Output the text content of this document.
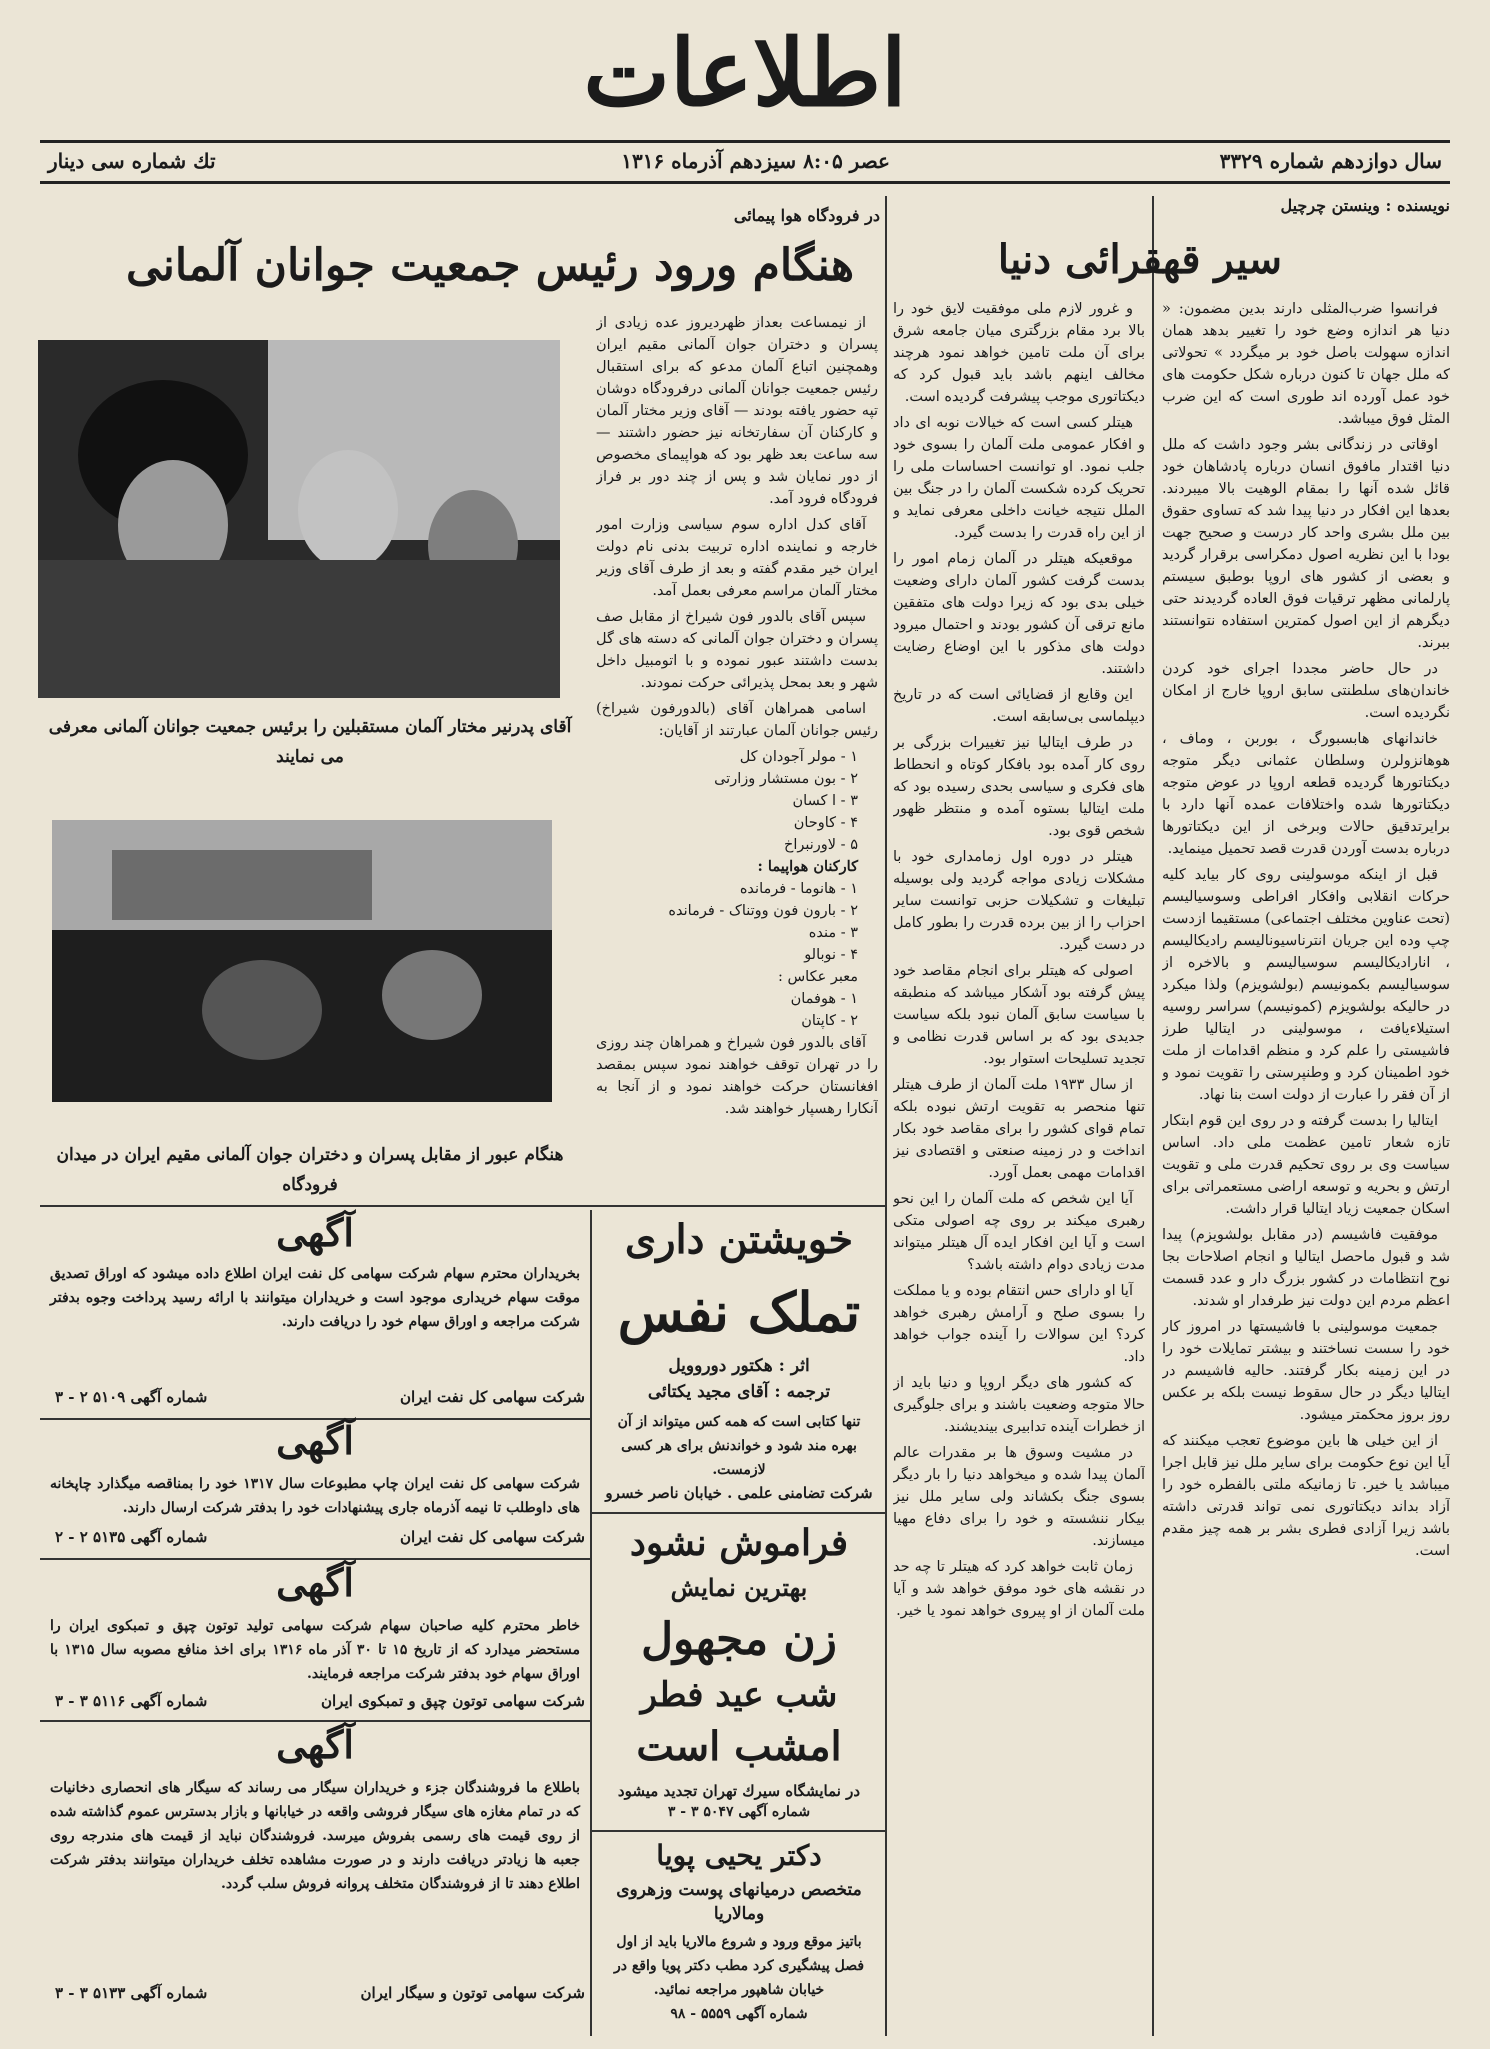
اطلاعات
سال دوازدهم شماره ۳۳۲۹
عصر ۸:۰۵ سیزدهم آذرماه ۱۳۱۶
تك شماره سی دینار
نویسنده : وینستن چرچیل
سیر قهقرائی دنیا

فرانسوا ضرب‌المثلی دارند بدین مضمون: « دنیا هر اندازه وضع خود را تغییر بدهد همان اندازه سهولت باصل خود بر میگردد » تحولاتی که ملل جهان تا کنون درباره شکل حکومت های خود عمل آورده اند طوری است که این ضرب المثل فوق میباشد.

اوقاتی در زندگانی بشر وجود داشت که ملل دنیا اقتدار مافوق انسان درباره پادشاهان خود قائل شده آنها را بمقام الوهیت بالا میبردند. بعدها این افکار در دنیا پیدا شد که تساوی حقوق بین ملل بشری واحد کار درست و صحیح جهت بودا با این نظریه اصول دمکراسی برقرار گردید و بعضی از کشور های اروپا بوطبق سیستم پارلمانی مظهر ترقیات فوق العاده گردیدند حتی دیگرهم از این اصول کمترین استفاده نتوانستند ببرند.

در حال حاضر مجددا اجرای خود کردن خاندان‌های سلطنتی سابق اروپا خارج از امکان نگردیده است.

خاندانهای هابسبورگ ، بوربن ، وماف ، هوهانزولرن وسلطان عثمانی دیگر متوجه دیکتاتورها گردیده قطعه اروپا در عوض متوجه دیکتاتورها شده واختلافات عمده آنها دارد با برایرتدقیق حالات وبرخی از این دیکتاتورها درباره بدست آوردن قدرت قصد تحمیل مینماید.

قبل از اینکه موسولینی روی کار بیاید کلیه حرکات انقلابی وافکار افراطی وسوسیالیسم (تحت عناوین مختلف اجتماعی) مستقیما ازدست چپ وده این جریان انترناسیونالیسم رادیکالیسم ، انارادیکالیسم سوسیالیسم و بالاخره از سوسیالیسم بکمونیسم (بولشویزم) ولذا میکرد در حالیکه بولشویزم (کمونیسم) سراسر روسیه استیلاءیافت ، موسولینی در ایتالیا طرز فاشیستی را علم کرد و منظم اقدامات از ملت خود اطمینان کرد و وطنپرستی را تقویت نمود و از آن فقر را عبارت از دولت است بنا نهاد.

ایتالیا را بدست گرفته و در روی این قوم ابتکار تازه شعار تامین عظمت ملی داد. اساس سیاست وی بر روی تحکیم قدرت ملی و تقویت ارتش و بحریه و توسعه اراضی مستعمراتی برای اسکان جمعیت زیاد ایتالیا قرار داشت.

موفقیت فاشیسم (در مقابل بولشویزم) پیدا شد و قبول ماحصل ایتالیا و انجام اصلاحات بجا نوح انتظامات در کشور بزرگ دار و عدد قسمت اعظم مردم این دولت نیز طرفدار او شدند.

جمعیت موسولینی با فاشیستها در امروز کار خود را سست نساختند و بیشتر تمایلات خود را در این زمینه بکار گرفتند. حالیه فاشیسم در ایتالیا دیگر در حال سقوط نیست بلکه بر عکس روز بروز محکمتر میشود.

از این خیلی ها باین موضوع تعجب میکنند که آیا این نوع حکومت برای سایر ملل نیز قابل اجرا میباشد یا خیر. تا زمانیکه ملتی بالفطره خود را آزاد بداند دیکتاتوری نمی تواند قدرتی داشته باشد زیرا آزادی فطری بشر بر همه چیز مقدم است.

و غرور لازم ملی موفقیت لایق خود را بالا برد مقام بزرگتری میان جامعه شرق برای آن ملت تامین خواهد نمود هرچند مخالف اینهم باشد باید قبول کرد که دیکتاتوری موجب پیشرفت گردیده است.

هیتلر کسی است که خیالات نوبه ای داد و افکار عمومی ملت آلمان را بسوی خود جلب نمود. او توانست احساسات ملی را تحریک کرده شکست آلمان را در جنگ بین الملل نتیجه خیانت داخلی معرفی نماید و از این راه قدرت را بدست گیرد.

موقعیکه هیتلر در آلمان زمام امور را بدست گرفت کشور آلمان دارای وضعیت خیلی بدی بود که زیرا دولت های متفقین مانع ترقی آن کشور بودند و احتمال میرود دولت های مذکور با این اوضاع رضایت داشتند.

این وقایع از قضایائی است که در تاریخ دیپلماسی بی‌سابقه است.

در طرف ایتالیا نیز تغییرات بزرگی بر روی کار آمده بود بافکار کوتاه و انحطاط های فکری و سیاسی بحدی رسیده بود که ملت ایتالیا بستوه آمده و منتظر ظهور شخص قوی بود.

هیتلر در دوره اول زمامداری خود با مشکلات زیادی مواجه گردید ولی بوسیله تبلیغات و تشکیلات حزبی توانست سایر احزاب را از بین برده قدرت را بطور کامل در دست گیرد.

اصولی که هیتلر برای انجام مقاصد خود پیش گرفته بود آشکار میباشد که منطبقه با سیاست سابق آلمان نبود بلکه سیاست جدیدی بود که بر اساس قدرت نظامی و تجدید تسلیحات استوار بود.

از سال ۱۹۳۳ ملت آلمان از طرف هیتلر تنها منحصر به تقویت ارتش نبوده بلکه تمام قوای کشور را برای مقاصد خود بکار انداخت و در زمینه صنعتی و اقتصادی نیز اقدامات مهمی بعمل آورد.

آیا این شخص که ملت آلمان را این نحو رهبری میکند بر روی چه اصولی متکی است و آیا این افکار ایده آل هیتلر میتواند مدت زیادی دوام داشته باشد؟

آیا او دارای حس انتقام بوده و یا مملکت را بسوی صلح و آرامش رهبری خواهد کرد؟ این سوالات را آینده جواب خواهد داد.

که کشور های دیگر اروپا و دنیا باید از حالا متوجه وضعیت باشند و برای جلوگیری از خطرات آینده تدابیری بیندیشند.

در مشیت وسوق ها بر مقدرات عالم آلمان پیدا شده و میخواهد دنیا را بار دیگر بسوی جنگ بکشاند ولی سایر ملل نیز بیکار ننشسته و خود را برای دفاع مهیا میسازند.

زمان ثابت خواهد کرد که هیتلر تا چه حد در نقشه های خود موفق خواهد شد و آیا ملت آلمان از او پیروی خواهد نمود یا خیر.

در فرودگاه هوا پیمائی
هنگام ورود رئیس جمعیت جوانان آلمانی

از نیمساعت بعداز ظهردیروز عده زیادی از پسران و دختران جوان آلمانی مقیم ایران وهمچنین اتباع آلمان مدعو که برای استقبال رئیس جمعیت جوانان آلمانی درفرودگاه دوشان تپه حضور یافته بودند — آقای وزیر مختار آلمان و کارکنان آن سفارتخانه نیز حضور داشتند — سه ساعت بعد ظهر بود که هواپیمای مخصوص از دور نمایان شد و پس از چند دور بر فراز فرودگاه فرود آمد.

آقای کدل اداره سوم سیاسی وزارت امور خارجه و نماینده اداره تربیت بدنی نام دولت ایران خیر مقدم گفته و بعد از طرف آقای وزیر مختار آلمان مراسم معرفی بعمل آمد.

سپس آقای بالدور فون شیراخ از مقابل صف پسران و دختران جوان آلمانی که دسته های گل بدست داشتند عبور نموده و با اتومبیل داخل شهر و بعد بمحل پذیرائی حرکت نمودند.

اسامی همراهان آقای (بالدورفون شیراخ) رئیس جوانان آلمان عبارتند از آقایان:

۱ - مولر آجودان کل
۲ - بون مستشار وزارتی
۳ - ا کسان
۴ - کاوحان
۵ - لاورنبراخ
کارکنان هواپیما :
۱ - هانوما - فرمانده
۲ - بارون فون ووتناک - فرمانده
۳ - منده
۴ - نوبالو
معبر عکاس :
۱ - هوفمان
۲ - کاپتان

آقای بالدور فون شیراخ و همراهان چند روزی را در تهران توقف خواهند نمود سپس بمقصد افغانستان حرکت خواهند نمود و از آنجا به آنکارا رهسپار خواهند شد.

آقای پدرنیر مختار آلمان مستقبلین را برئیس جمعیت جوانان آلمانی معرفی می نمایند
هنگام عبور از مقابل پسران و دختران جوان آلمانی مقیم ایران در میدان فرودگاه
آگهی
بخریداران محترم سهام شرکت سهامی کل نفت ایران اطلاع داده میشود که اوراق تصدیق موقت سهام خریداری موجود است و خریداران میتوانند با ارائه رسید پرداخت وجوه بدفتر شرکت مراجعه و اوراق سهام خود را دریافت دارند.
شرکت سهامی کل نفت ایران
شماره آگهی ۵۱۰۹ ۲ - ۳
آگهی
شرکت سهامی کل نفت ایران چاپ مطبوعات سال ۱۳۱۷ خود را بمناقصه میگذارد چاپخانه های داوطلب تا نیمه آذرماه جاری پیشنهادات خود را بدفتر شرکت ارسال دارند.
شرکت سهامی کل نفت ایران
شماره آگهی ۵۱۳۵ ۲ - ۲
آگهی
خاطر محترم کلیه صاحبان سهام شرکت سهامی تولید توتون چپق و تمبکوی ایران را مستحضر میدارد که از تاریخ ۱۵ تا ۳۰ آذر ماه ۱۳۱۶ برای اخذ منافع مصوبه سال ۱۳۱۵ با اوراق سهام خود بدفتر شرکت مراجعه فرمایند.
شرکت سهامی توتون چپق و تمبکوی ایران
شماره آگهی ۵۱۱۶ ۳ - ۳
آگهی
باطلاع ما فروشندگان جزء و خریداران سیگار می رساند که سیگار های انحصاری دخانیات که در تمام مغازه های سیگار فروشی واقعه در خیابانها و بازار بدسترس عموم گذاشته شده از روی قیمت های رسمی بفروش میرسد. فروشندگان نباید از قیمت های مندرجه روی جعبه ها زیادتر دریافت دارند و در صورت مشاهده تخلف خریداران میتوانند بدفتر شرکت اطلاع دهند تا از فروشندگان متخلف پروانه فروش سلب گردد.
شرکت سهامی توتون و سیگار ایران
شماره آگهی ۵۱۳۳ ۳ - ۳
خویشتن داری
تملک نفس
اثر : هکتور دوروویل
ترجمه : آقای مجید یکتائی
تنها کتابی است که همه کس میتواند از آن بهره مند شود و خواندنش برای هر کسی لازمست.
شرکت تضامنی علمی . خیابان ناصر خسرو
فراموش نشود
بهترین نمایش
زن مجهول
شب عید فطر
امشب است
در نمایشگاه سیرك تهران تجدید میشود
شماره آگهی ۵۰۴۷ ۳ - ۳
دکتر یحیی پویا
متخصص درمیانهای پوست وزهروی ومالاریا
باتیز موقع ورود و شروع مالاریا باید از اول فصل پیشگیری کرد مطب دکتر پویا واقع در خیابان شاهپور مراجعه نمائید.
شماره آگهی ۵۵۵۹ - ۹۸
